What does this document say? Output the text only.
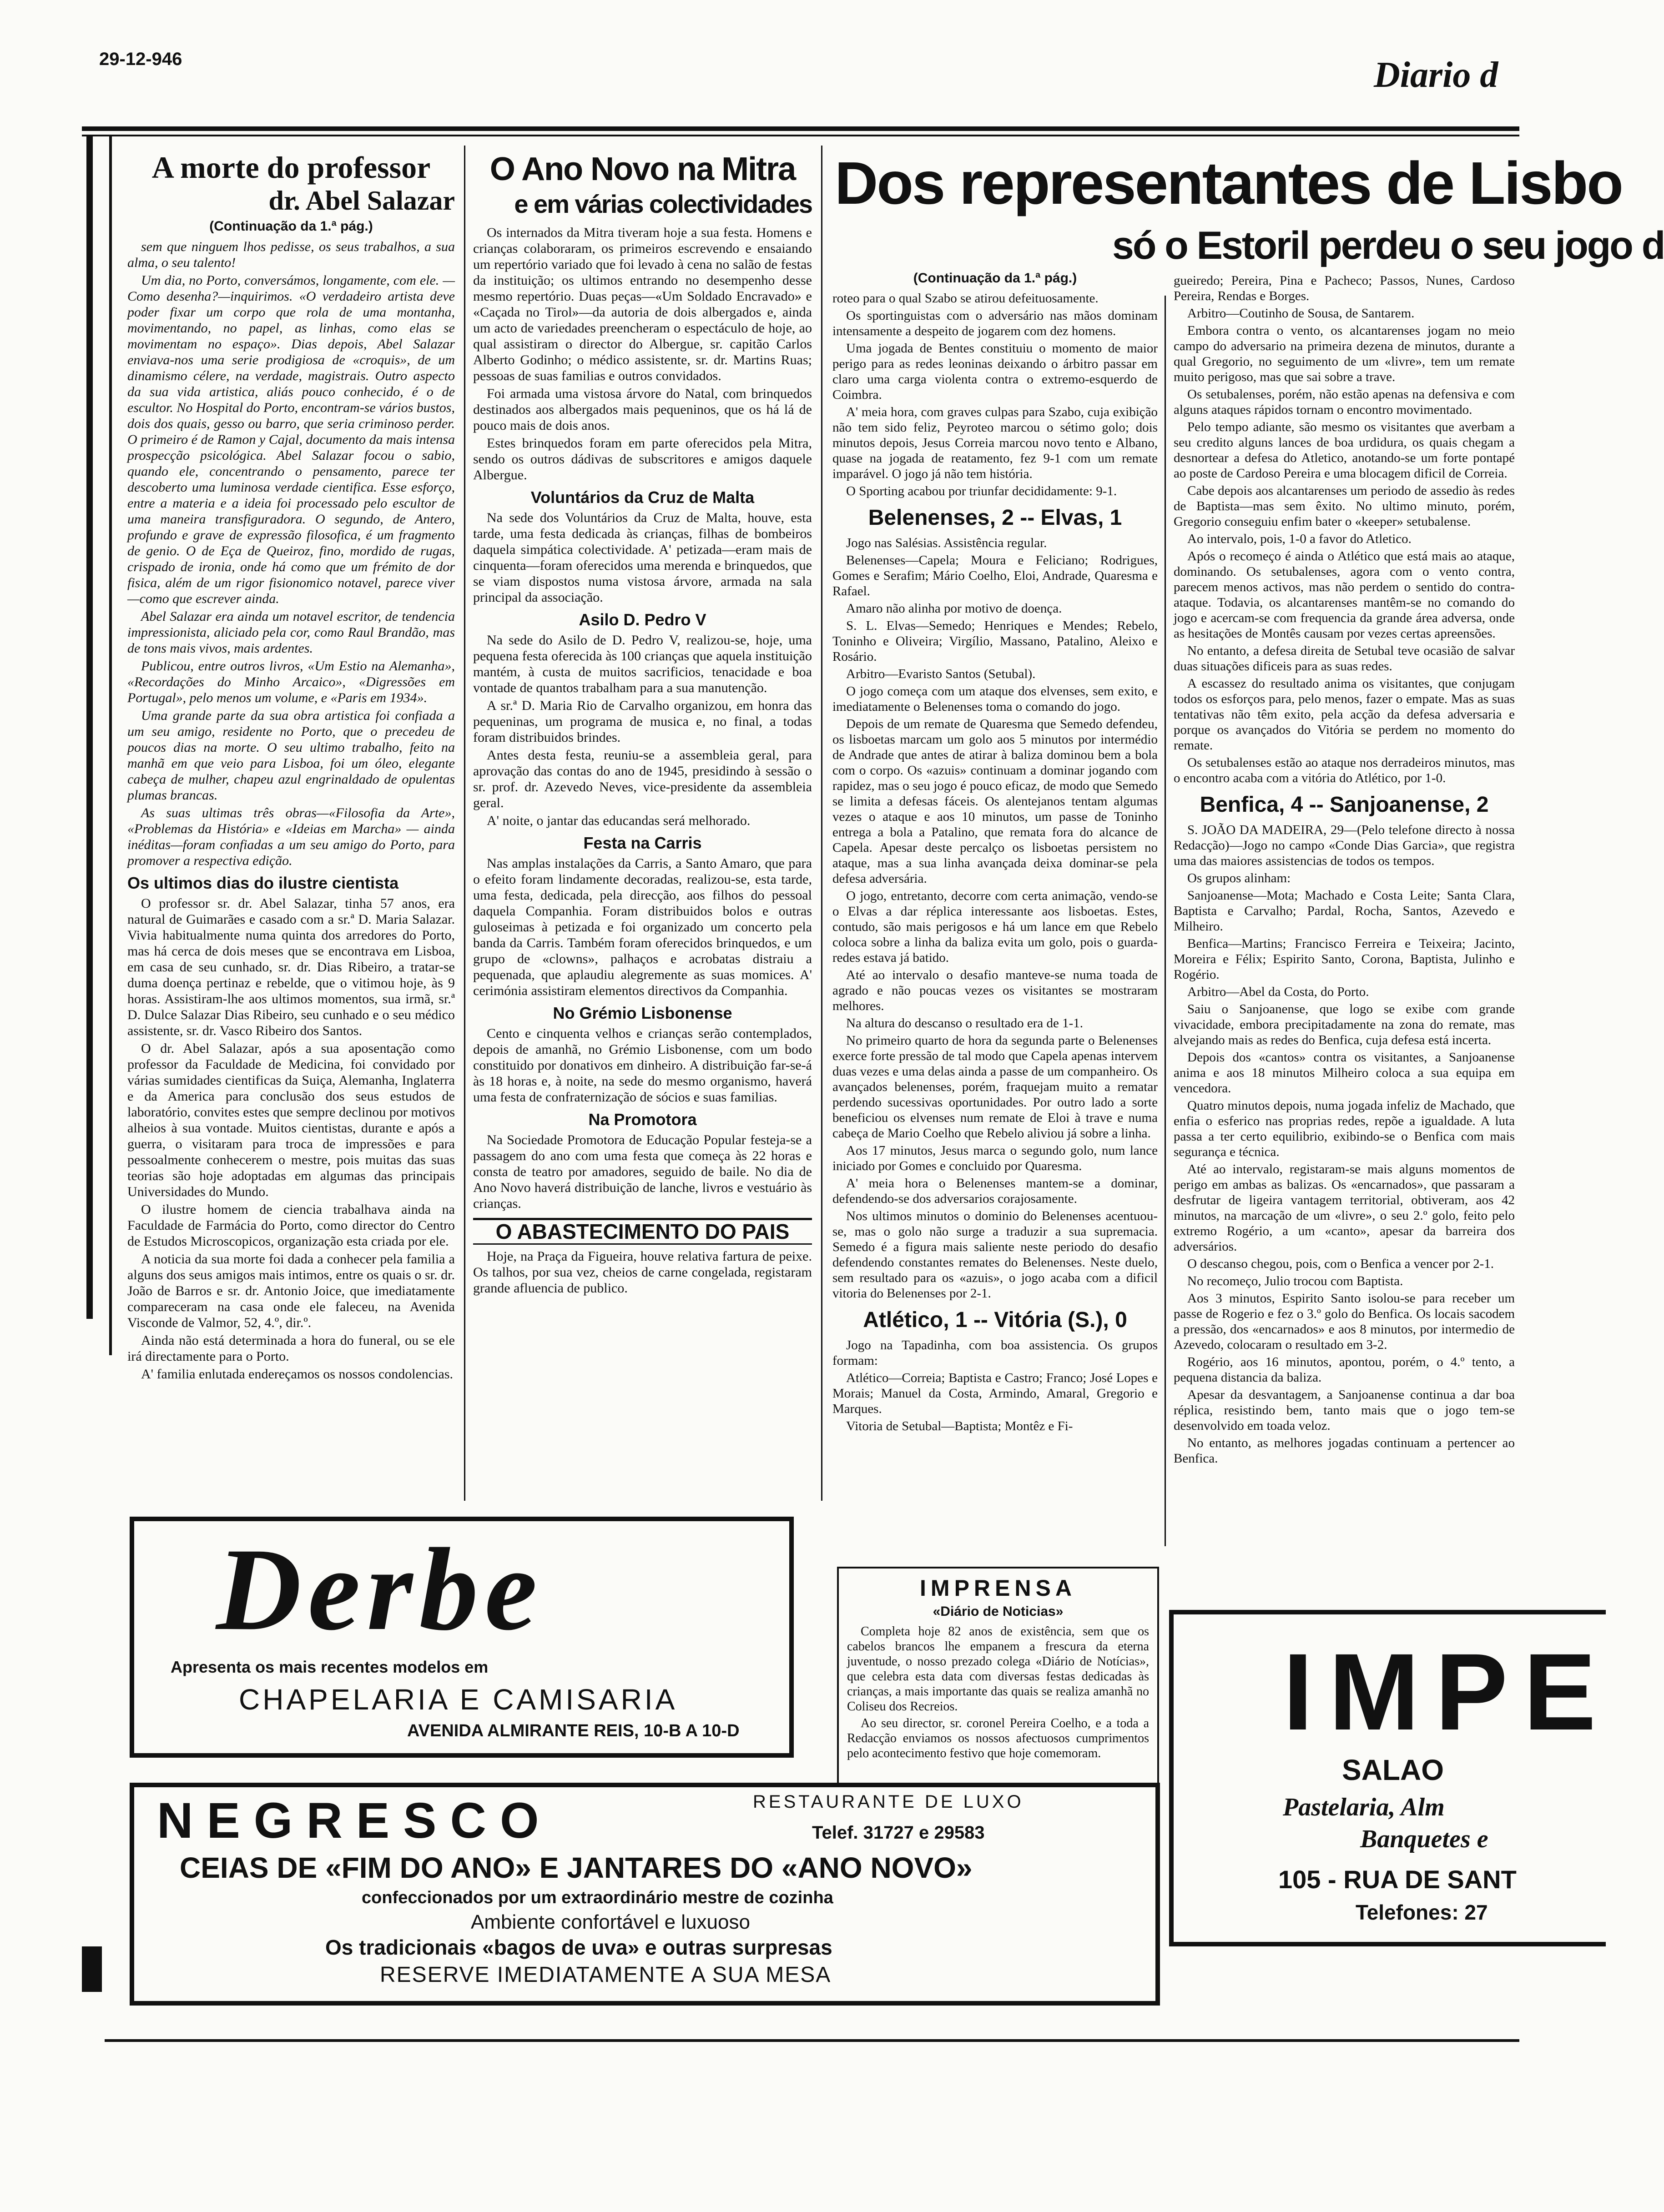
29-12-946	Diario d
A morte do professor
dr. Abel Salazar
(Continuação da 1.ª pág.)

sem que ninguem lhos pedisse, os seus trabalhos, a sua alma, o seu talento!

Um dia, no Porto, conversámos, longamente, com ele. —Como desenha?—inquirimos. «O verdadeiro artista deve poder fixar um corpo que rola de uma montanha, movimentando, no papel, as linhas, como elas se movimentam no espaço». Dias depois, Abel Salazar enviava-nos uma serie prodigiosa de «croquis», de um dinamismo célere, na verdade, magistrais. Outro aspecto da sua vida artistica, aliás pouco conhecido, é o de escultor. No Hospital do Porto, encontram-se vários bustos, dois dos quais, gesso ou barro, que seria criminoso perder. O primeiro é de Ramon y Cajal, documento da mais intensa prospecção psicológica. Abel Salazar focou o sabio, quando ele, concentrando o pensamento, parece ter descoberto uma luminosa verdade cientifica. Esse esforço, entre a materia e a ideia foi processado pelo escultor de uma maneira transfiguradora. O segundo, de Antero, profundo e grave de expressão filosofica, é um fragmento de genio. O de Eça de Queiroz, fino, mordido de rugas, crispado de ironia, onde há como que um frémito de dor fisica, além de um rigor fisionomico notavel, parece viver—como que escrever ainda.

Abel Salazar era ainda um notavel escritor, de tendencia impressionista, aliciado pela cor, como Raul Brandão, mas de tons mais vivos, mais ardentes.

Publicou, entre outros livros, «Um Estio na Alemanha», «Recordações do Minho Arcaico», «Digressões em Portugal», pelo menos um volume, e «Paris em 1934».

Uma grande parte da sua obra artistica foi confiada a um seu amigo, residente no Porto, que o precedeu de poucos dias na morte. O seu ultimo trabalho, feito na manhã em que veio para Lisboa, foi um óleo, elegante cabeça de mulher, chapeu azul engrinaldado de opulentas plumas brancas.

As suas ultimas três obras—«Filosofia da Arte», «Problemas da História» e «Ideias em Marcha» — ainda inéditas—foram confiadas a um seu amigo do Porto, para promover a respectiva edição.

Os ultimos dias do ilustre cientista

O professor sr. dr. Abel Salazar, tinha 57 anos, era natural de Guimarães e casado com a sr.ª D. Maria Salazar. Vivia habitualmente numa quinta dos arredores do Porto, mas há cerca de dois meses que se encontrava em Lisboa, em casa de seu cunhado, sr. dr. Dias Ribeiro, a tratar-se duma doença pertinaz e rebelde, que o vitimou hoje, às 9 horas. Assistiram-lhe aos ultimos momentos, sua irmã, sr.ª D. Dulce Salazar Dias Ribeiro, seu cunhado e o seu médico assistente, sr. dr. Vasco Ribeiro dos Santos.

O dr. Abel Salazar, após a sua aposentação como professor da Faculdade de Medicina, foi convidado por várias sumidades cientificas da Suiça, Alemanha, Inglaterra e da America para conclusão dos seus estudos de laboratório, convites estes que sempre declinou por motivos alheios à sua vontade. Muitos cientistas, durante e após a guerra, o visitaram para troca de impressões e para pessoalmente conhecerem o mestre, pois muitas das suas teorias são hoje adoptadas em algumas das principais Universidades do Mundo.

O ilustre homem de ciencia trabalhava ainda na Faculdade de Farmácia do Porto, como director do Centro de Estudos Microscopicos, organização esta criada por ele.

A noticia da sua morte foi dada a conhecer pela familia a alguns dos seus amigos mais intimos, entre os quais o sr. dr. João de Barros e sr. dr. Antonio Joice, que imediatamente compareceram na casa onde ele faleceu, na Avenida Visconde de Valmor, 52, 4.º, dir.º.

Ainda não está determinada a hora do funeral, ou se ele irá directamente para o Porto.

A' familia enlutada endereçamos os nossos condolencias.

O Ano Novo na Mitra
e em várias colectividades

Os internados da Mitra tiveram hoje a sua festa. Homens e crianças colaboraram, os primeiros escrevendo e ensaiando um repertório variado que foi levado à cena no salão de festas da instituição; os ultimos entrando no desempenho desse mesmo repertório. Duas peças—«Um Soldado Encravado» e «Caçada no Tirol»—da autoria de dois albergados e, ainda um acto de variedades preencheram o espectáculo de hoje, ao qual assistiram o director do Albergue, sr. capitão Carlos Alberto Godinho; o médico assistente, sr. dr. Martins Ruas; pessoas de suas familias e outros convidados.

Foi armada uma vistosa árvore do Natal, com brinquedos destinados aos albergados mais pequeninos, que os há lá de pouco mais de dois anos.

Estes brinquedos foram em parte oferecidos pela Mitra, sendo os outros dádivas de subscritores e amigos daquele Albergue.

Voluntários da Cruz de Malta

Na sede dos Voluntários da Cruz de Malta, houve, esta tarde, uma festa dedicada às crianças, filhas de bombeiros daquela simpática colectividade. A' petizada—eram mais de cinquenta—foram oferecidos uma merenda e brinquedos, que se viam dispostos numa vistosa árvore, armada na sala principal da associação.

Asilo D. Pedro V

Na sede do Asilo de D. Pedro V, realizou-se, hoje, uma pequena festa oferecida às 100 crianças que aquela instituição mantém, à custa de muitos sacrificios, tenacidade e boa vontade de quantos trabalham para a sua manutenção.

A sr.ª D. Maria Rio de Carvalho organizou, em honra das pequeninas, um programa de musica e, no final, a todas foram distribuidos brindes.

Antes desta festa, reuniu-se a assembleia geral, para aprovação das contas do ano de 1945, presidindo à sessão o sr. prof. dr. Azevedo Neves, vice-presidente da assembleia geral.

A' noite, o jantar das educandas será melhorado.

Festa na Carris

Nas amplas instalações da Carris, a Santo Amaro, que para o efeito foram lindamente decoradas, realizou-se, esta tarde, uma festa, dedicada, pela direcção, aos filhos do pessoal daquela Companhia. Foram distribuidos bolos e outras guloseimas à petizada e foi organizado um concerto pela banda da Carris. Também foram oferecidos brinquedos, e um grupo de «clowns», palhaços e acrobatas distraiu a pequenada, que aplaudiu alegremente as suas momices. A' cerimónia assistiram elementos directivos da Companhia.

No Grémio Lisbonense

Cento e cinquenta velhos e crianças serão contemplados, depois de amanhã, no Grémio Lisbonense, com um bodo constituido por donativos em dinheiro. A distribuição far-se-á às 18 horas e, à noite, na sede do mesmo organismo, haverá uma festa de confraternização de sócios e suas familias.

Na Promotora

Na Sociedade Promotora de Educação Popular festeja-se a passagem do ano com uma festa que começa às 22 horas e consta de teatro por amadores, seguido de baile. No dia de Ano Novo haverá distribuição de lanche, livros e vestuário às crianças.

O ABASTECIMENTO DO PAIS

Hoje, na Praça da Figueira, houve relativa fartura de peixe. Os talhos, por sua vez, cheios de carne congelada, registaram grande afluencia de publico.

Dos representantes de Lisbo
só o Estoril perdeu o seu jogo d
(Continuação da 1.ª pág.)

roteo para o qual Szabo se atirou defeituosamente.

Os sportinguistas com o adversário nas mãos dominam intensamente a despeito de jogarem com dez homens.

Uma jogada de Bentes constituiu o momento de maior perigo para as redes leoninas deixando o árbitro passar em claro uma carga violenta contra o extremo-esquerdo de Coimbra.

A' meia hora, com graves culpas para Szabo, cuja exibição não tem sido feliz, Peyroteo marcou o sétimo golo; dois minutos depois, Jesus Correia marcou novo tento e Albano, quase na jogada de reatamento, fez 9-1 com um remate imparável. O jogo já não tem história.

O Sporting acabou por triunfar decididamente: 9-1.

Belenenses, 2 -- Elvas, 1

Jogo nas Salésias. Assistência regular.

Belenenses—Capela; Moura e Feliciano; Rodrigues, Gomes e Serafim; Mário Coelho, Eloi, Andrade, Quaresma e Rafael.

Amaro não alinha por motivo de doença.

S. L. Elvas—Semedo; Henriques e Mendes; Rebelo, Toninho e Oliveira; Virgílio, Massano, Patalino, Aleixo e Rosário.

Arbitro—Evaristo Santos (Setubal).

O jogo começa com um ataque dos elvenses, sem exito, e imediatamente o Belenenses toma o comando do jogo.

Depois de um remate de Quaresma que Semedo defendeu, os lisboetas marcam um golo aos 5 minutos por intermédio de Andrade que antes de atirar à baliza dominou bem a bola com o corpo. Os «azuis» continuam a dominar jogando com rapidez, mas o seu jogo é pouco eficaz, de modo que Semedo se limita a defesas fáceis. Os alentejanos tentam algumas vezes o ataque e aos 10 minutos, um passe de Toninho entrega a bola a Patalino, que remata fora do alcance de Capela. Apesar deste percalço os lisboetas persistem no ataque, mas a sua linha avançada deixa dominar-se pela defesa adversária.

O jogo, entretanto, decorre com certa animação, vendo-se o Elvas a dar réplica interessante aos lisboetas. Estes, contudo, são mais perigosos e há um lance em que Rebelo coloca sobre a linha da baliza evita um golo, pois o guarda-redes estava já batido.

Até ao intervalo o desafio manteve-se numa toada de agrado e não poucas vezes os visitantes se mostraram melhores.

Na altura do descanso o resultado era de 1-1.

No primeiro quarto de hora da segunda parte o Belenenses exerce forte pressão de tal modo que Capela apenas intervem duas vezes e uma delas ainda a passe de um companheiro. Os avançados belenenses, porém, fraquejam muito a rematar perdendo sucessivas oportunidades. Por outro lado a sorte beneficiou os elvenses num remate de Eloi à trave e numa cabeça de Mario Coelho que Rebelo aliviou já sobre a linha.

Aos 17 minutos, Jesus marca o segundo golo, num lance iniciado por Gomes e concluido por Quaresma.

A' meia hora o Belenenses mantem-se a dominar, defendendo-se dos adversarios corajosamente.

Nos ultimos minutos o dominio do Belenenses acentuou-se, mas o golo não surge a traduzir a sua supremacia. Semedo é a figura mais saliente neste periodo do desafio defendendo constantes remates do Belenenses. Neste duelo, sem resultado para os «azuis», o jogo acaba com a dificil vitoria do Belenenses por 2-1.

Atlético, 1 -- Vitória (S.), 0

Jogo na Tapadinha, com boa assistencia. Os grupos formam:

Atlético—Correia; Baptista e Castro; Franco; José Lopes e Morais; Manuel da Costa, Armindo, Amaral, Gregorio e Marques.

Vitoria de Setubal—Baptista; Montêz e Fi-

gueiredo; Pereira, Pina e Pacheco; Passos, Nunes, Cardoso Pereira, Rendas e Borges.

Arbitro—Coutinho de Sousa, de Santarem.

Embora contra o vento, os alcantarenses jogam no meio campo do adversario na primeira dezena de minutos, durante a qual Gregorio, no seguimento de um «livre», tem um remate muito perigoso, mas que sai sobre a trave.

Os setubalenses, porém, não estão apenas na defensiva e com alguns ataques rápidos tornam o encontro movimentado.

Pelo tempo adiante, são mesmo os visitantes que averbam a seu credito alguns lances de boa urdidura, os quais chegam a desnortear a defesa do Atletico, anotando-se um forte pontapé ao poste de Cardoso Pereira e uma blocagem dificil de Correia.

Cabe depois aos alcantarenses um periodo de assedio às redes de Baptista—mas sem êxito. No ultimo minuto, porém, Gregorio conseguiu enfim bater o «keeper» setubalense.

Ao intervalo, pois, 1-0 a favor do Atletico.

Após o recomeço é ainda o Atlético que está mais ao ataque, dominando. Os setubalenses, agora com o vento contra, parecem menos activos, mas não perdem o sentido do contra-ataque. Todavia, os alcantarenses mantêm-se no comando do jogo e acercam-se com frequencia da grande área adversa, onde as hesitações de Montês causam por vezes certas apreensões.

No entanto, a defesa direita de Setubal teve ocasião de salvar duas situações dificeis para as suas redes.

A escassez do resultado anima os visitantes, que conjugam todos os esforços para, pelo menos, fazer o empate. Mas as suas tentativas não têm exito, pela acção da defesa adversaria e porque os avançados do Vitória se perdem no momento do remate.

Os setubalenses estão ao ataque nos derradeiros minutos, mas o encontro acaba com a vitória do Atlético, por 1-0.

Benfica, 4 -- Sanjoanense, 2

S. JOÃO DA MADEIRA, 29—(Pelo telefone directo à nossa Redacção)—Jogo no campo «Conde Dias Garcia», que registra uma das maiores assistencias de todos os tempos.

Os grupos alinham:

Sanjoanense—Mota; Machado e Costa Leite; Santa Clara, Baptista e Carvalho; Pardal, Rocha, Santos, Azevedo e Milheiro.

Benfica—Martins; Francisco Ferreira e Teixeira; Jacinto, Moreira e Félix; Espirito Santo, Corona, Baptista, Julinho e Rogério.

Arbitro—Abel da Costa, do Porto.

Saiu o Sanjoanense, que logo se exibe com grande vivacidade, embora precipitadamente na zona do remate, mas alvejando mais as redes do Benfica, cuja defesa está incerta.

Depois dos «cantos» contra os visitantes, a Sanjoanense anima e aos 18 minutos Milheiro coloca a sua equipa em vencedora.

Quatro minutos depois, numa jogada infeliz de Machado, que enfia o esferico nas proprias redes, repõe a igualdade. A luta passa a ter certo equilibrio, exibindo-se o Benfica com mais segurança e técnica.

Até ao intervalo, registaram-se mais alguns momentos de perigo em ambas as balizas. Os «encarnados», que passaram a desfrutar de ligeira vantagem territorial, obtiveram, aos 42 minutos, na marcação de um «livre», o seu 2.º golo, feito pelo extremo Rogério, a um «canto», apesar da barreira dos adversários.

O descanso chegou, pois, com o Benfica a vencer por 2-1.

No recomeço, Julio trocou com Baptista.

Aos 3 minutos, Espirito Santo isolou-se para receber um passe de Rogerio e fez o 3.º golo do Benfica. Os locais sacodem a pressão, dos «encarnados» e aos 8 minutos, por intermedio de Azevedo, colocaram o resultado em 3-2.

Rogério, aos 16 minutos, apontou, porém, o 4.º tento, a pequena distancia da baliza.

Apesar da desvantagem, a Sanjoanense continua a dar boa réplica, resistindo bem, tanto mais que o jogo tem-se desenvolvido em toada veloz.

No entanto, as melhores jogadas continuam a pertencer ao Benfica.

IMPRENSA
«Diário de Noticias»

Completa hoje 82 anos de existência, sem que os cabelos brancos lhe empanem a frescura da eterna juventude, o nosso prezado colega «Diário de Notícias», que celebra esta data com diversas festas dedicadas às crianças, a mais importante das quais se realiza amanhã no Coliseu dos Recreios.

Ao seu director, sr. coronel Pereira Coelho, e a toda a Redacção enviamos os nossos afectuosos cumprimentos pelo acontecimento festivo que hoje comemoram.

Derbe
Apresenta os mais recentes modelos em
CHAPELARIA E CAMISARIA
AVENIDA ALMIRANTE REIS, 10-B A 10-D
NEGRESCO	RESTAURANTE DE LUXO
Telef. 31727 e 29583
CEIAS DE «FIM DO ANO» E JANTARES DO «ANO NOVO»
confeccionados por um extraordinário mestre de cozinha
Ambiente confortável e luxuoso
Os tradicionais «bagos de uva» e outras surpresas
RESERVE IMEDIATAMENTE A SUA MESA
IMPE
SALAO
Pastelaria, Alm
Banquetes e
105 - RUA DE SANT
Telefones: 27
